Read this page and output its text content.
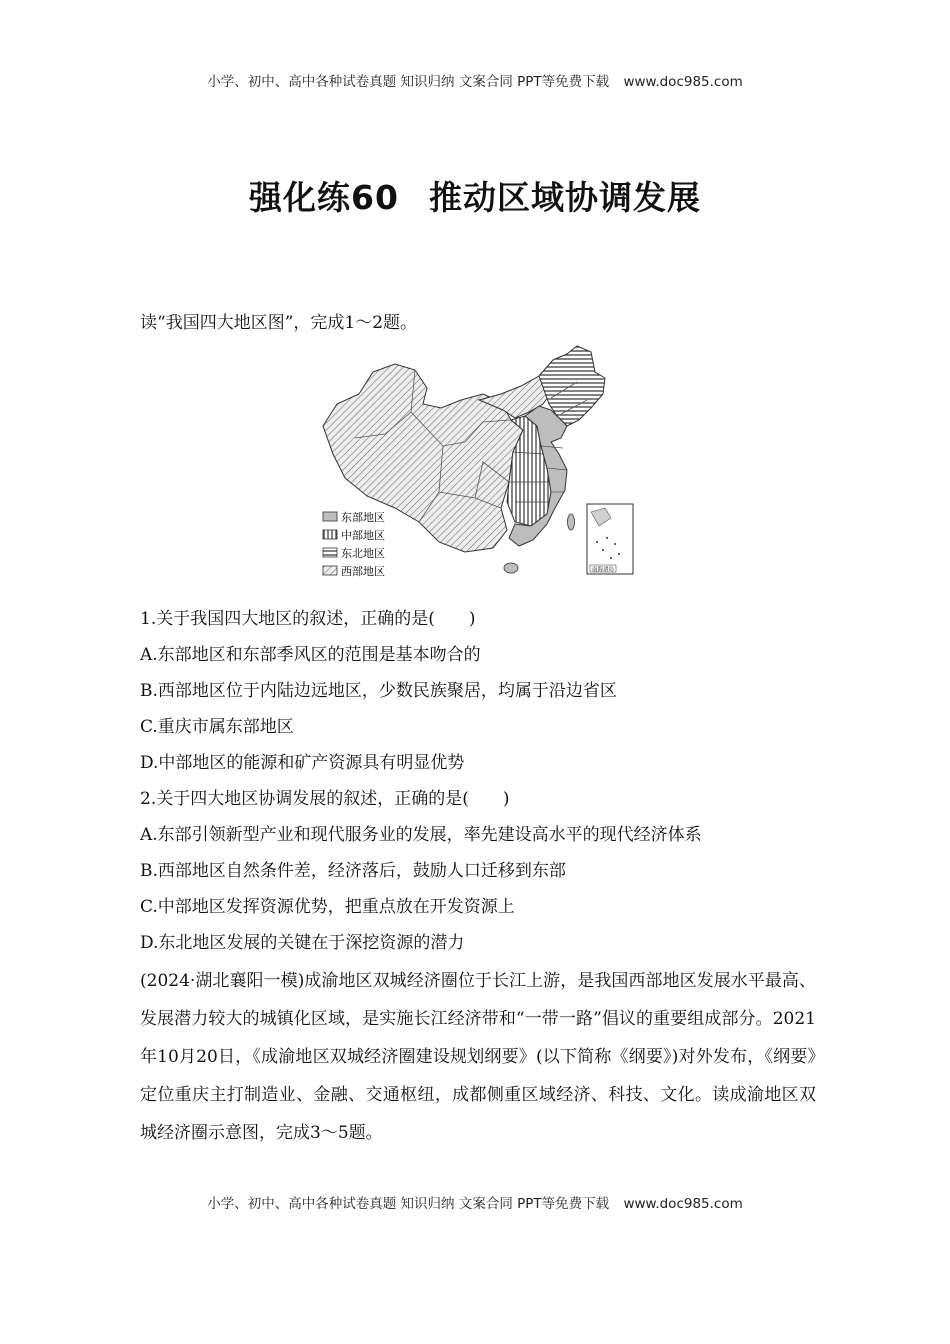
小学、初中、高中各种试卷真题 知识归纳 文案合同 PPT等免费下载 www.doc985.com
强化练60 推动区域协调发展
读“我国四大地区图”，完成1～2题。
东部地区
中部地区
东北地区
西部地区	南海诸岛
1.关于我国四大地区的叙述，正确的是(　　)
A.东部地区和东部季风区的范围是基本吻合的
B.西部地区位于内陆边远地区，少数民族聚居，均属于沿边省区
C.重庆市属东部地区
D.中部地区的能源和矿产资源具有明显优势
2.关于四大地区协调发展的叙述，正确的是(　　)
A.东部引领新型产业和现代服务业的发展，率先建设高水平的现代经济体系
B.西部地区自然条件差，经济落后，鼓励人口迁移到东部
C.中部地区发挥资源优势，把重点放在开发资源上
D.东北地区发展的关键在于深挖资源的潜力
(2024·湖北襄阳一模)成渝地区双城经济圈位于长江上游，是我国西部地区发展水平最高、发展潜力较大的城镇化区域，是实施长江经济带和“一带一路”倡议的重要组成部分。2021年10月20日，《成渝地区双城经济圈建设规划纲要》(以下简称《纲要》)对外发布，《纲要》定位重庆主打制造业、金融、交通枢纽，成都侧重区域经济、科技、文化。读成渝地区双城经济圈示意图，完成3～5题。
小学、初中、高中各种试卷真题 知识归纳 文案合同 PPT等免费下载 www.doc985.com
